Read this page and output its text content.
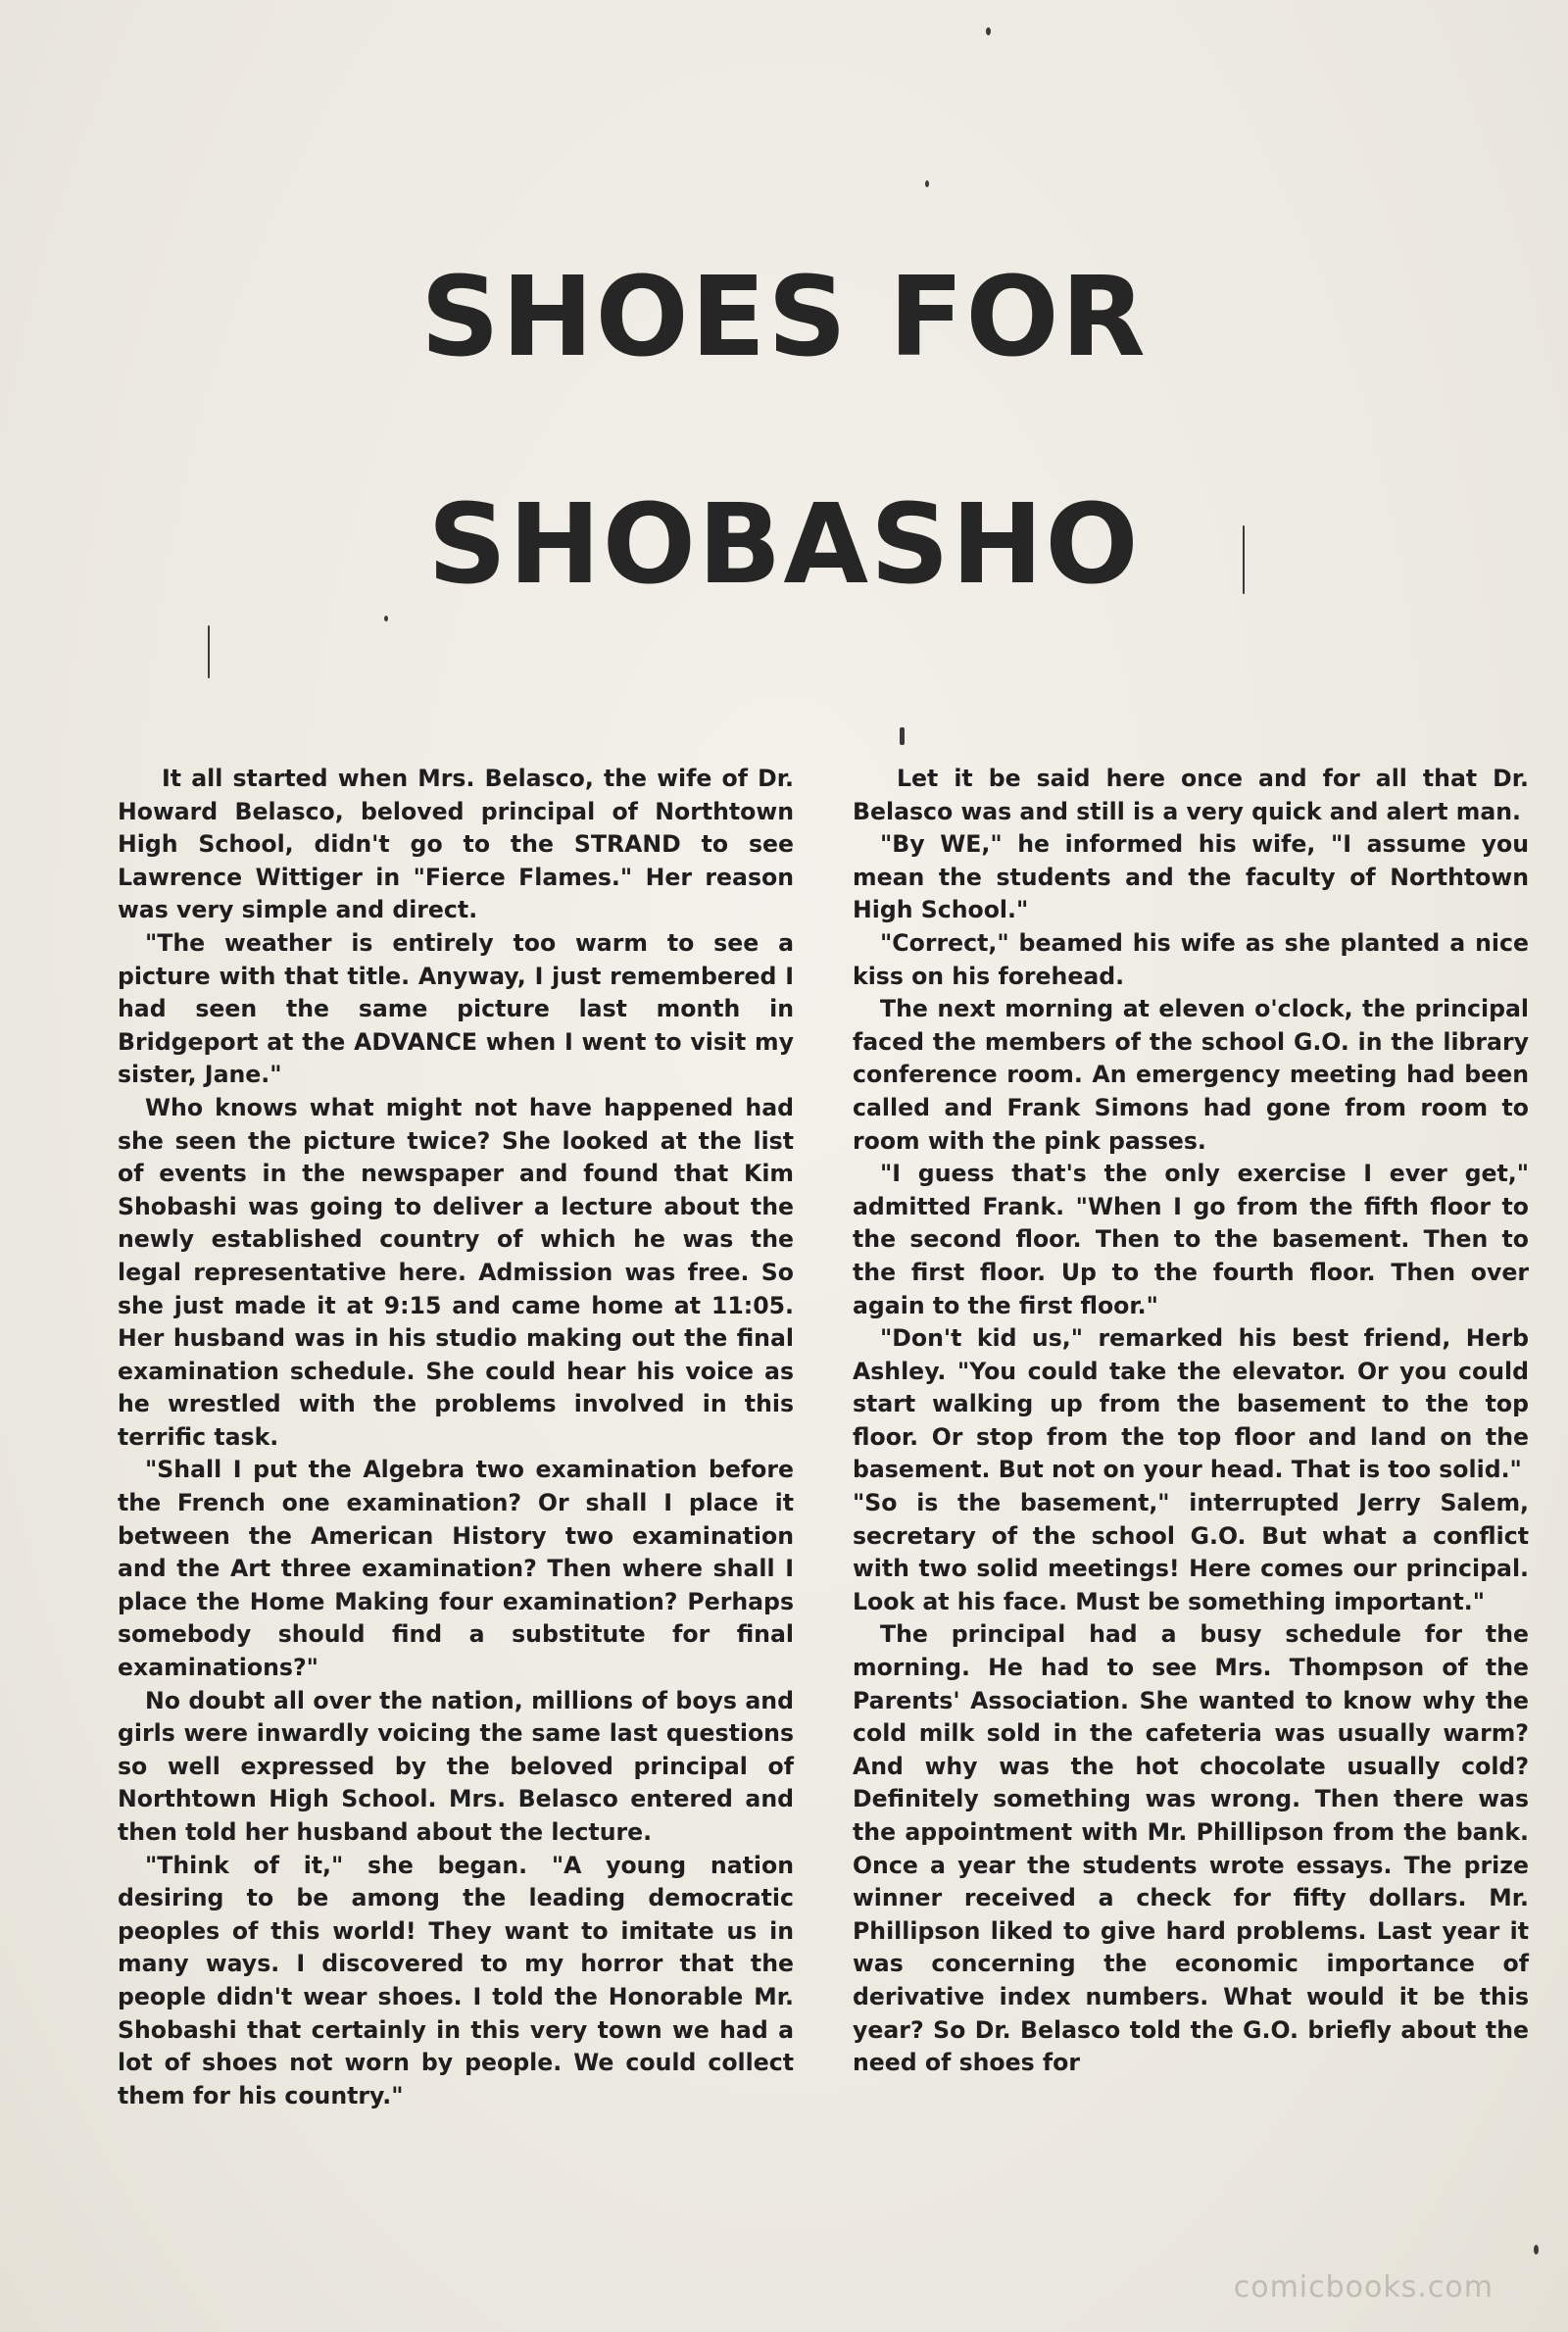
SHOES FOR
SHOBASHO

It all started when Mrs. Belasco, the wife of Dr. Howard Belasco, beloved principal of Northtown High School, didn't go to the STRAND to see Lawrence Wittiger in "Fierce Flames." Her reason was very simple and direct.

"The weather is entirely too warm to see a picture with that title. Anyway, I just remembered I had seen the same picture last month in Bridgeport at the ADVANCE when I went to visit my sister, Jane."

Who knows what might not have happened had she seen the picture twice? She looked at the list of events in the newspaper and found that Kim Shobashi was going to deliver a lecture about the newly established country of which he was the legal representative here. Admission was free. So she just made it at 9:15 and came home at 11:05. Her husband was in his studio making out the final examination schedule. She could hear his voice as he wrestled with the problems involved in this terrific task.

"Shall I put the Algebra two examination before the French one examination? Or shall I place it between the American History two examination and the Art three examination? Then where shall I place the Home Making four examination? Perhaps somebody should find a substitute for final examinations?"

No doubt all over the nation, millions of boys and girls were inwardly voicing the same last questions so well expressed by the beloved principal of Northtown High School. Mrs. Belasco entered and then told her husband about the lecture.

"Think of it," she began. "A young nation desiring to be among the leading democratic peoples of this world! They want to imitate us in many ways. I discovered to my horror that the people didn't wear shoes. I told the Honorable Mr. Shobashi that certainly in this very town we had a lot of shoes not worn by people. We could collect them for his country."

Let it be said here once and for all that Dr. Belasco was and still is a very quick and alert man.

"By WE," he informed his wife, "I assume you mean the students and the faculty of Northtown High School."

"Correct," beamed his wife as she planted a nice kiss on his forehead.

The next morning at eleven o'clock, the principal faced the members of the school G.O. in the library conference room. An emergency meeting had been called and Frank Simons had gone from room to room with the pink passes.

"I guess that's the only exercise I ever get," admitted Frank. "When I go from the fifth floor to the second floor. Then to the basement. Then to the first floor. Up to the fourth floor. Then over again to the first floor."

"Don't kid us," remarked his best friend, Herb Ashley. "You could take the elevator. Or you could start walking up from the basement to the top floor. Or stop from the top floor and land on the basement. But not on your head. That is too solid."

"So is the basement," interrupted Jerry Salem, secretary of the school G.O. But what a conflict with two solid meetings! Here comes our principal. Look at his face. Must be something important."

The principal had a busy schedule for the morning. He had to see Mrs. Thompson of the Parents' Association. She wanted to know why the cold milk sold in the cafeteria was usually warm? And why was the hot chocolate usually cold? Definitely something was wrong. Then there was the appointment with Mr. Phillipson from the bank. Once a year the students wrote essays. The prize winner received a check for fifty dollars. Mr. Phillipson liked to give hard problems. Last year it was concerning the economic importance of derivative index numbers. What would it be this year? So Dr. Belasco told the G.O. briefly about the need of shoes for

comicbooks.com
